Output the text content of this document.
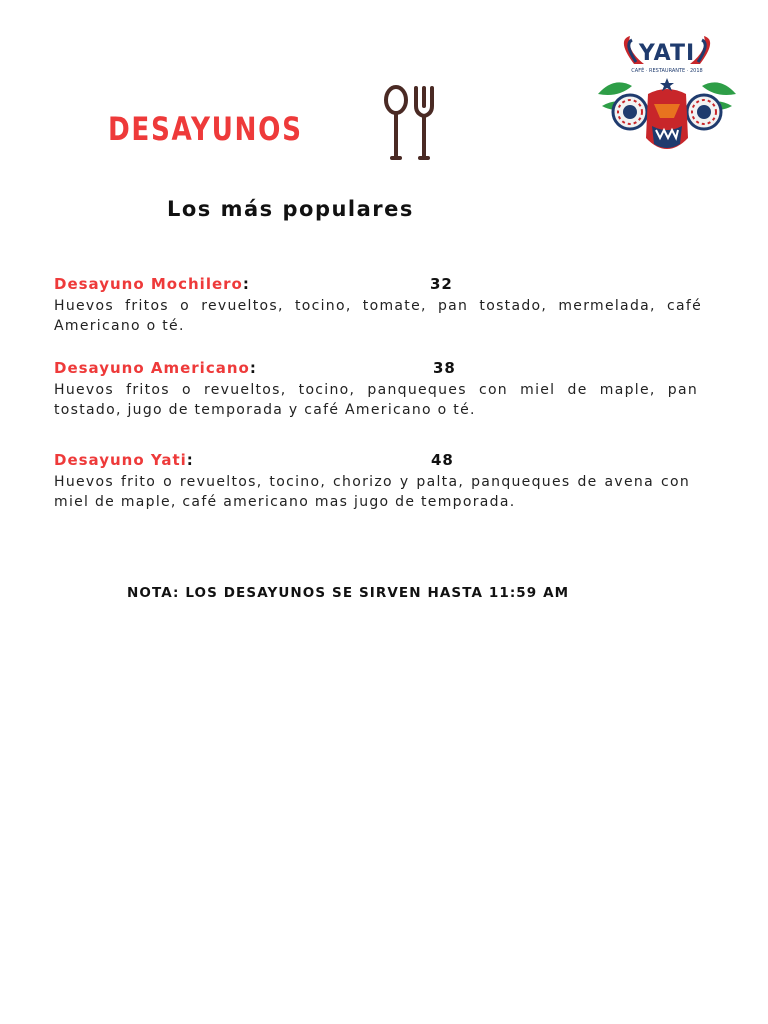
DESAYUNOS
YATI
CAFÉ · RESTAURANTE · 2018
Los más populares
Desayuno Mochilero:	32
Huevos fritos o revueltos, tocino, tomate, pan tostado, mermelada, café Americano o té.
Desayuno Americano:	38
Huevos fritos o revueltos, tocino, panqueques con miel de maple, pan tostado, jugo de temporada y café Americano o té.
Desayuno Yati:	48
Huevos frito o revueltos, tocino, chorizo y palta, panqueques de avena con miel de maple, café americano mas jugo de temporada.
NOTA: LOS DESAYUNOS SE SIRVEN HASTA 11:59 AM
